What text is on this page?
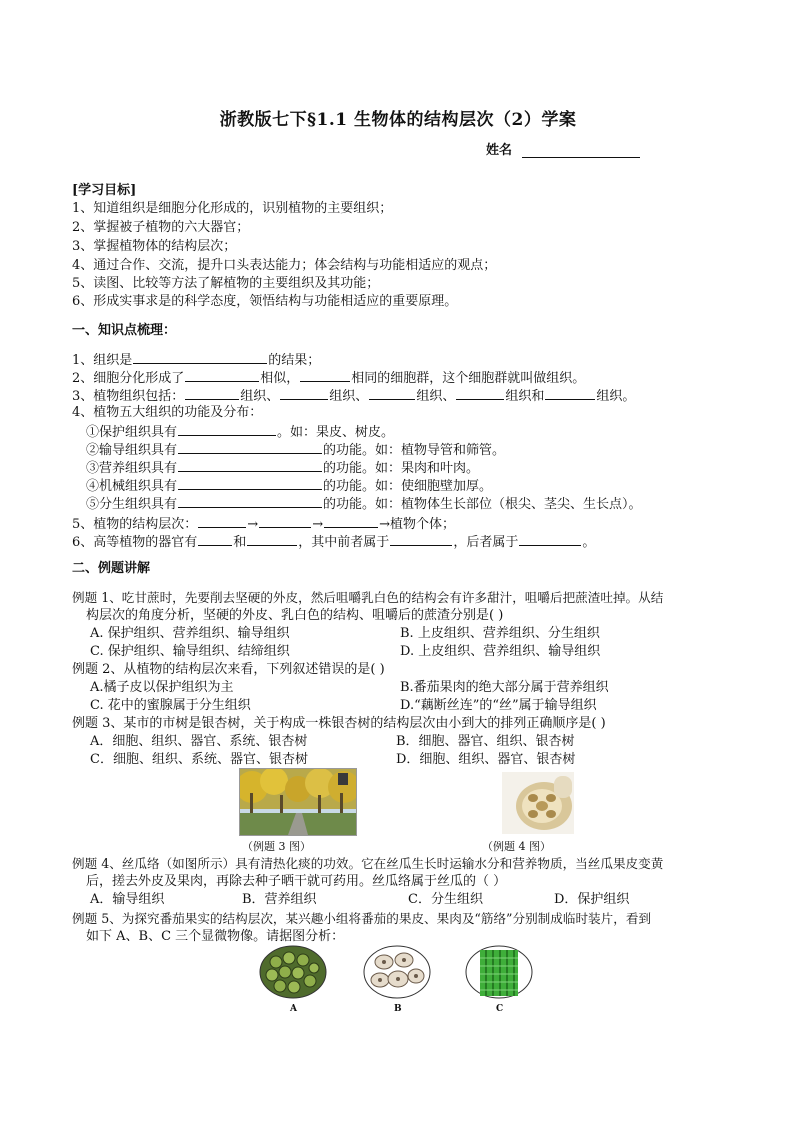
浙教版七下§1.1 生物体的结构层次（2）学案
姓名
[学习目标]
1、知道组织是细胞分化形成的，识别植物的主要组织；
2、掌握被子植物的六大器官；
3、掌握植物体的结构层次；
4、通过合作、交流，提升口头表达能力；体会结构与功能相适应的观点；
5、读图、比较等方法了解植物的主要组织及其功能；
6、形成实事求是的科学态度，领悟结构与功能相适应的重要原理。
一、知识点梳理：
1、组织是	的结果；
2、细胞分化形成了	相似，	相同的细胞群，这个细胞群就叫做组织。
3、植物组织包括：	组织、	组织、	组织、	组织和	组织。
4、植物五大组织的功能及分布：
①保护组织具有	。如：果皮、树皮。
②输导组织具有	的功能。如：植物导管和筛管。
③营养组织具有	的功能。如：果肉和叶肉。
④机械组织具有	的功能。如：使细胞壁加厚。
⑤分生组织具有	的功能。如：植物体生长部位（根尖、茎尖、生长点）。
5、植物的结构层次：	→	→	→植物个体；
6、高等植物的器官有	和	，其中前者属于	，后者属于	。
二、例题讲解
例题 1、吃甘蔗时，先要削去坚硬的外皮，然后咀嚼乳白色的结构会有许多甜汁，咀嚼后把蔗渣吐掉。从结
构层次的角度分析，坚硬的外皮、乳白色的结构、咀嚼后的蔗渣分别是( )
A. 保护组织、营养组织、输导组织	B. 上皮组织、营养组织、分生组织
C. 保护组织、输导组织、结缔组织	D. 上皮组织、营养组织、输导组织
例题 2、从植物的结构层次来看，下列叙述错误的是( )
A.橘子皮以保护组织为主	B.番茄果肉的绝大部分属于营养组织
C. 花中的蜜腺属于分生组织	D.“藕断丝连”的“丝”属于输导组织
例题 3、某市的市树是银杏树，关于构成一株银杏树的结构层次由小到大的排列正确顺序是( )
A．细胞、组织、器官、系统、银杏树	B．细胞、器官、组织、银杏树
C．细胞、组织、系统、器官、银杏树	D．细胞、组织、器官、银杏树
（例题 3 图）	（例题 4 图）
例题 4、丝瓜络（如图所示）具有清热化痰的功效。它在丝瓜生长时运输水分和营养物质，当丝瓜果皮变黄
后，搓去外皮及果肉，再除去种子晒干就可药用。丝瓜络属于丝瓜的（ ）
A．输导组织	B．营养组织	C．分生组织	D．保护组织
例题 5、为探究番茄果实的结构层次，某兴趣小组将番茄的果皮、果肉及“筋络”分别制成临时装片，看到
如下 A、B、C 三个显微物像。请据图分析：
A	B	C
